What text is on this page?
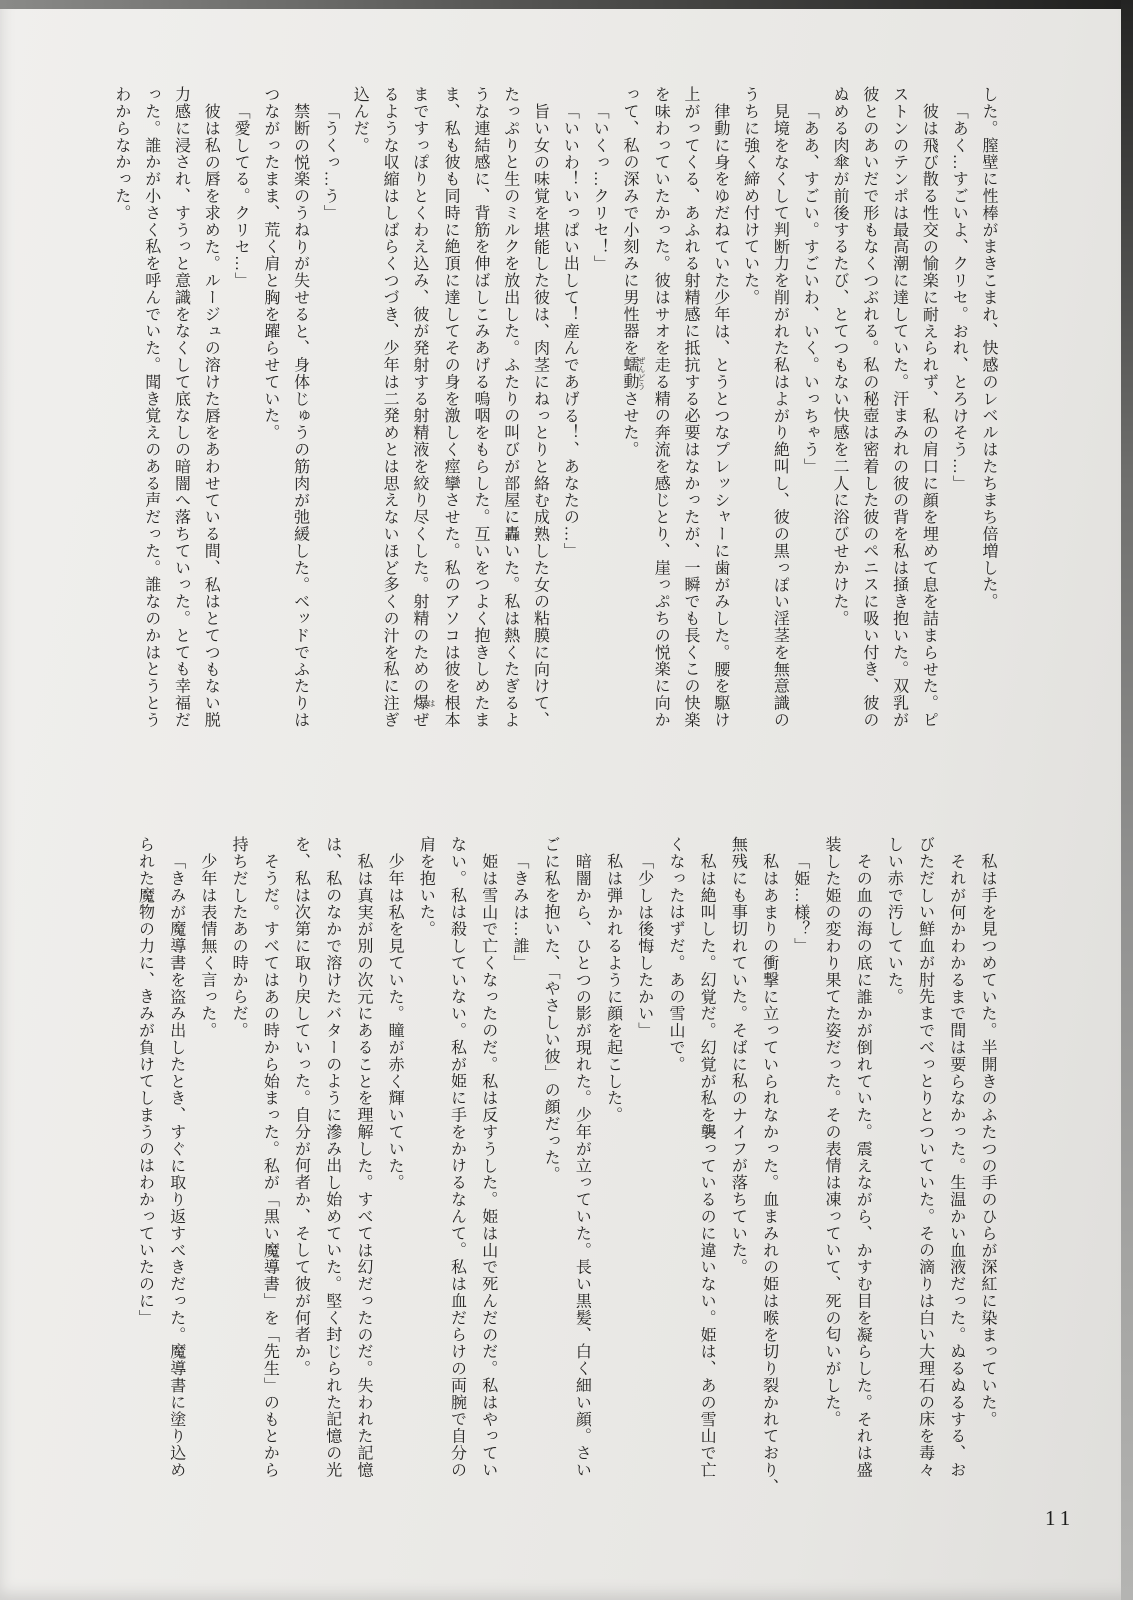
した。膣壁に性棒がまきこまれ、快感のレベルはたちまち倍増した。
「あく…すごいよ、クリセ。おれ、とろけそう…」
彼は飛び散る性交の愉楽に耐えられず、私の肩口に顔を埋めて息を詰まらせた。ピ
ストンのテンポは最高潮に達していた。汗まみれの彼の背を私は掻き抱いた。双乳が
彼とのあいだで形もなくつぶれる。私の秘壺は密着した彼のペニスに吸い付き、彼の
ぬめる肉傘が前後するたび、とてつもない快感を二人に浴びせかけた。
「ああ、すごい。すごいわ、いく。いっちゃう」
見境をなくして判断力を削がれた私はよがり絶叫し、彼の黒っぽい淫茎を無意識の
うちに強く締め付けていた。
律動に身をゆだねていた少年は、とうとつなプレッシャーに歯がみした。腰を駆け
上がってくる、あふれる射精感に抵抗する必要はなかったが、一瞬でも長くこの快楽
を味わっていたかった。彼はサオを走る精の奔流を感じとり、崖っぷちの悦楽に向か
って、私の深みで小刻みに男性器を蠕動 ぜんどうさせた。
「いくっ…クリセ！」
「いいわ！いっぱい出して！産んであげる！、あなたの…」
旨い女の味覚を堪能した彼は、肉茎にねっとりと絡む成熟した女の粘膜に向けて、
たっぷりと生のミルクを放出した。ふたりの叫びが部屋に轟いた。私は熱くたぎるよ
うな連結感に、背筋を伸ばしこみあげる嗚咽をもらした。互いをつよく抱きしめたま
ま、私も彼も同時に絶頂に達してその身を激しく痙攣させた。私のアソコは彼を根本
まですっぽりとくわえ込み、彼が発射する射精液を絞り尽くした。射精のための爆 はぜ
るような収縮はしばらくつづき、少年は二発めとは思えないほど多くの汁を私に注ぎ
込んだ。
「うくっ…う」
禁断の悦楽のうねりが失せると、身体じゅうの筋肉が弛緩した。ベッドでふたりは
つながったまま、荒く肩と胸を躍らせていた。
「愛してる。クリセ…」
彼は私の唇を求めた。ルージュの溶けた唇をあわせている間、私はとてつもない脱
力感に浸され、すうっと意識をなくして底なしの暗闇へ落ちていった。とても幸福だ
った。誰かが小さく私を呼んでいた。聞き覚えのある声だった。誰なのかはとうとう
わからなかった。
私は手を見つめていた。半開きのふたつの手のひらが深紅に染まっていた。
それが何かわかるまで間は要らなかった。生温かい血液だった。ぬるぬるする、お
びただしい鮮血が肘先までべっとりとついていた。その滴りは白い大理石の床を毒々
しい赤で汚していた。
その血の海の底に誰かが倒れていた。震えながら、かすむ目を凝らした。それは盛
装した姫の変わり果てた姿だった。その表情は凍っていて、死の匂いがした。
「姫…様？」
私はあまりの衝撃に立っていられなかった。血まみれの姫は喉を切り裂かれており、
無残にも事切れていた。そばに私のナイフが落ちていた。
私は絶叫した。幻覚だ。幻覚が私を襲っているのに違いない。姫は、あの雪山で亡
くなったはずだ。あの雪山で。
「少しは後悔したかい」
私は弾かれるように顔を起こした。
暗闇から、ひとつの影が現れた。少年が立っていた。長い黒髪、白く細い顔。さい
ごに私を抱いた、「やさしい彼」の顔だった。
「きみは…誰」
姫は雪山で亡くなったのだ。私は反すうした。姫は山で死んだのだ。私はやってい
ない。私は殺していない。私が姫に手をかけるなんて。私は血だらけの両腕で自分の
肩を抱いた。
少年は私を見ていた。瞳が赤く輝いていた。
私は真実が別の次元にあることを理解した。すべては幻だったのだ。失われた記憶
は、私のなかで溶けたバターのように滲み出し始めていた。堅く封じられた記憶の光
を、私は次第に取り戻していった。自分が何者か、そして彼が何者か。
そうだ。すべてはあの時から始まった。私が「黒い魔導書」を「先生」のもとから
持ちだしたあの時からだ。
少年は表情無く言った。
「きみが魔導書を盗み出したとき、すぐに取り返すべきだった。魔導書に塗り込め
られた魔物の力に、きみが負けてしまうのはわかっていたのに」
11
